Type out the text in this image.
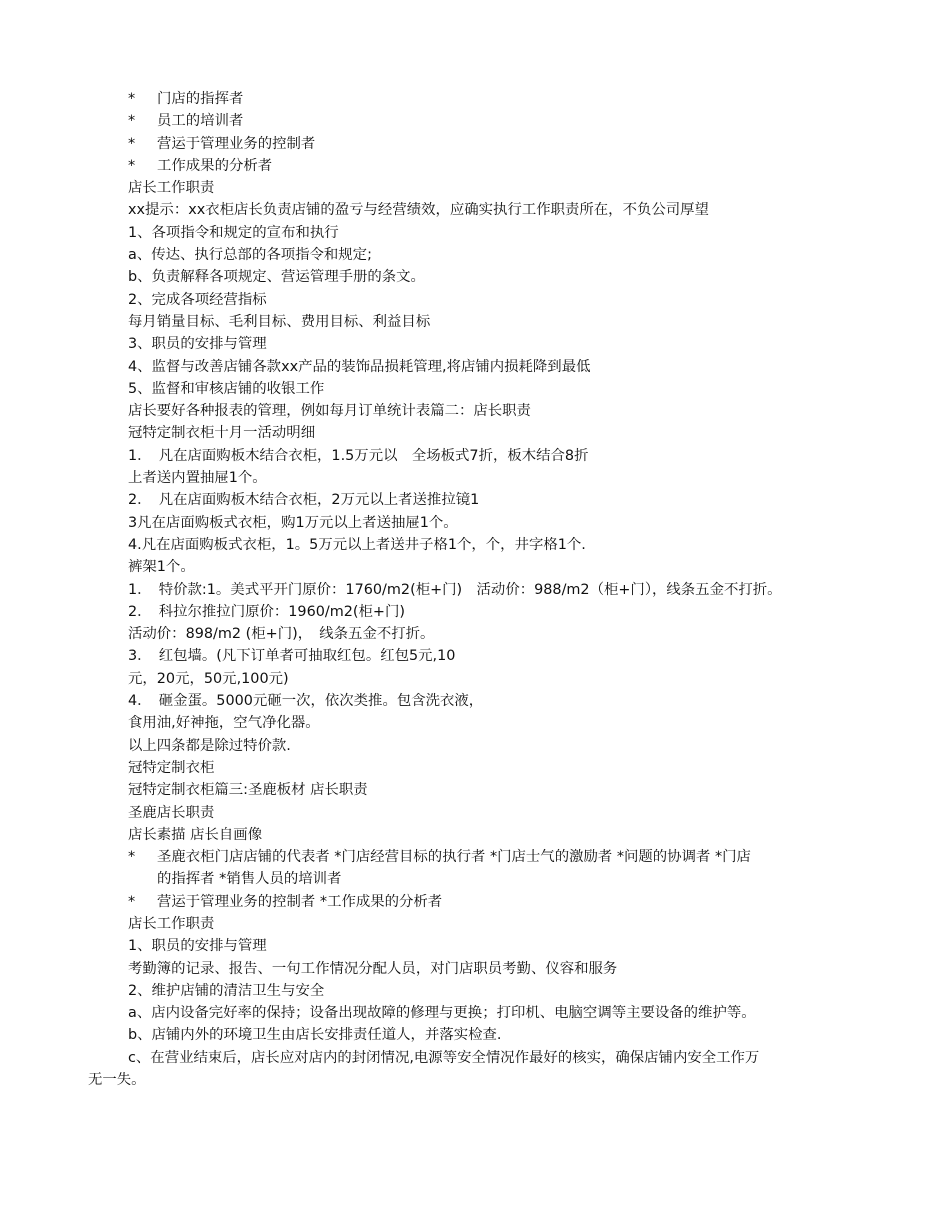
*	门店的指挥者
*	员工的培训者
*	营运于管理业务的控制者
*	工作成果的分析者
店长工作职责
xx提示：xx衣柜店长负责店铺的盈亏与经营绩效，应确实执行工作职责所在，不负公司厚望
1、各项指令和规定的宣布和执行
a、传达、执行总部的各项指令和规定;
b、负责解释各项规定、营运管理手册的条文。
2、完成各项经营指标
每月销量目标、毛利目标、费用目标、利益目标
3、职员的安排与管理
4、监督与改善店铺各款xx产品的装饰品损耗管理,将店铺内损耗降到最低
5、监督和审核店铺的收银工作
店长要好各种报表的管理，例如每月订单统计表篇二：店长职责
冠特定制衣柜十月一活动明细
1．　凡在店面购板木结合衣柜，1.5万元以　全场板式7折，板木结合8折
上者送内置抽屉1个。
2．　凡在店面购板木结合衣柜，2万元以上者送推拉镜1
3凡在店面购板式衣柜，购1万元以上者送抽屉1个。
4.凡在店面购板式衣柜，1。5万元以上者送井子格1个，个，井字格1个.
裤架1个。
1．　特价款:1。美式平开门原价：1760/m2(柜+门)　活动价：988/m2（柜+门），线条五金不打折。
2．　科拉尔推拉门原价：1960/m2(柜+门)
活动价：898/m2 (柜+门)，　线条五金不打折。
3．　红包墙。(凡下订单者可抽取红包。红包5元,10
元，20元，50元,100元)
4．　砸金蛋。5000元砸一次，依次类推。包含洗衣液，
食用油,好神拖，空气净化器。
以上四条都是除过特价款.
冠特定制衣柜
冠特定制衣柜篇三:圣鹿板材 店长职责
圣鹿店长职责
店长素描 店长自画像
*	圣鹿衣柜门店店铺的代表者 *门店经营目标的执行者 *门店士气的激励者 *问题的协调者 *门店
的指挥者 *销售人员的培训者
*	营运于管理业务的控制者 *工作成果的分析者
店长工作职责
1、职员的安排与管理
考勤簿的记录、报告、一句工作情况分配人员，对门店职员考勤、仪容和服务
2、维护店铺的清洁卫生与安全
a、店内设备完好率的保持；设备出现故障的修理与更换；打印机、电脑空调等主要设备的维护等。
b、店铺内外的环境卫生由店长安排责任道人，并落实检查.
c、在营业结束后，店长应对店内的封闭情况,电源等安全情况作最好的核实，确保店铺内安全工作万
无一失。
